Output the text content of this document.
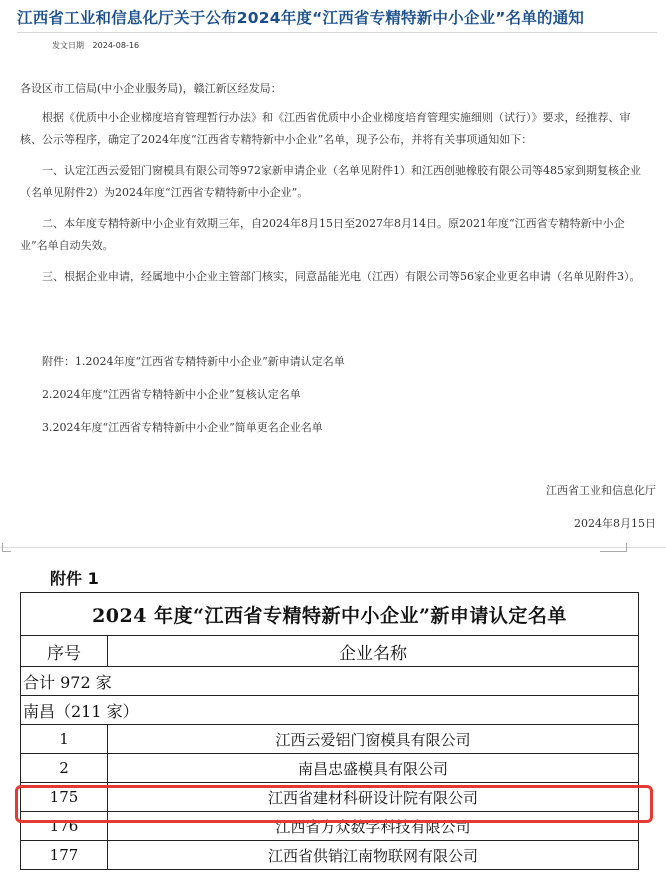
江西省工业和信息化厅关于公布2024年度“江西省专精特新中小企业”名单的通知
发文日期 2024-08-16
各设区市工信局(中小企业服务局)，赣江新区经发局：
根据《优质中小企业梯度培育管理暂行办法》和《江西省优质中小企业梯度培育管理实施细则（试行）》要求，经推荐、审核、公示等程序，确定了2024年度“江西省专精特新中小企业”名单，现予公布，并将有关事项通知如下：
一、认定江西云爱铝门窗模具有限公司等972家新申请企业（名单见附件1）和江西创驰橡胶有限公司等485家到期复核企业（名单见附件2）为2024年度“江西省专精特新中小企业”。
二、本年度专精特新中小企业有效期三年，自2024年8月15日至2027年8月14日。原2021年度“江西省专精特新中小企业”名单自动失效。
三、根据企业申请，经属地中小企业主管部门核实，同意晶能光电（江西）有限公司等56家企业更名申请（名单见附件3）。
附件：1.2024年度“江西省专精特新中小企业”新申请认定名单
2.2024年度“江西省专精特新中小企业”复核认定名单
3.2024年度“江西省专精特新中小企业”简单更名企业名单
江西省工业和信息化厅
2024年8月15日
附件 1
2024 年度“江西省专精特新中小企业”新申请认定名单	
序号	企业名称
合计 972 家	
南昌（211 家）	
1	江西云爱铝门窗模具有限公司
2	南昌忠盛模具有限公司
175	江西省建材科研设计院有限公司
176	江西省方众数字科技有限公司
177	江西省供销江南物联网有限公司
